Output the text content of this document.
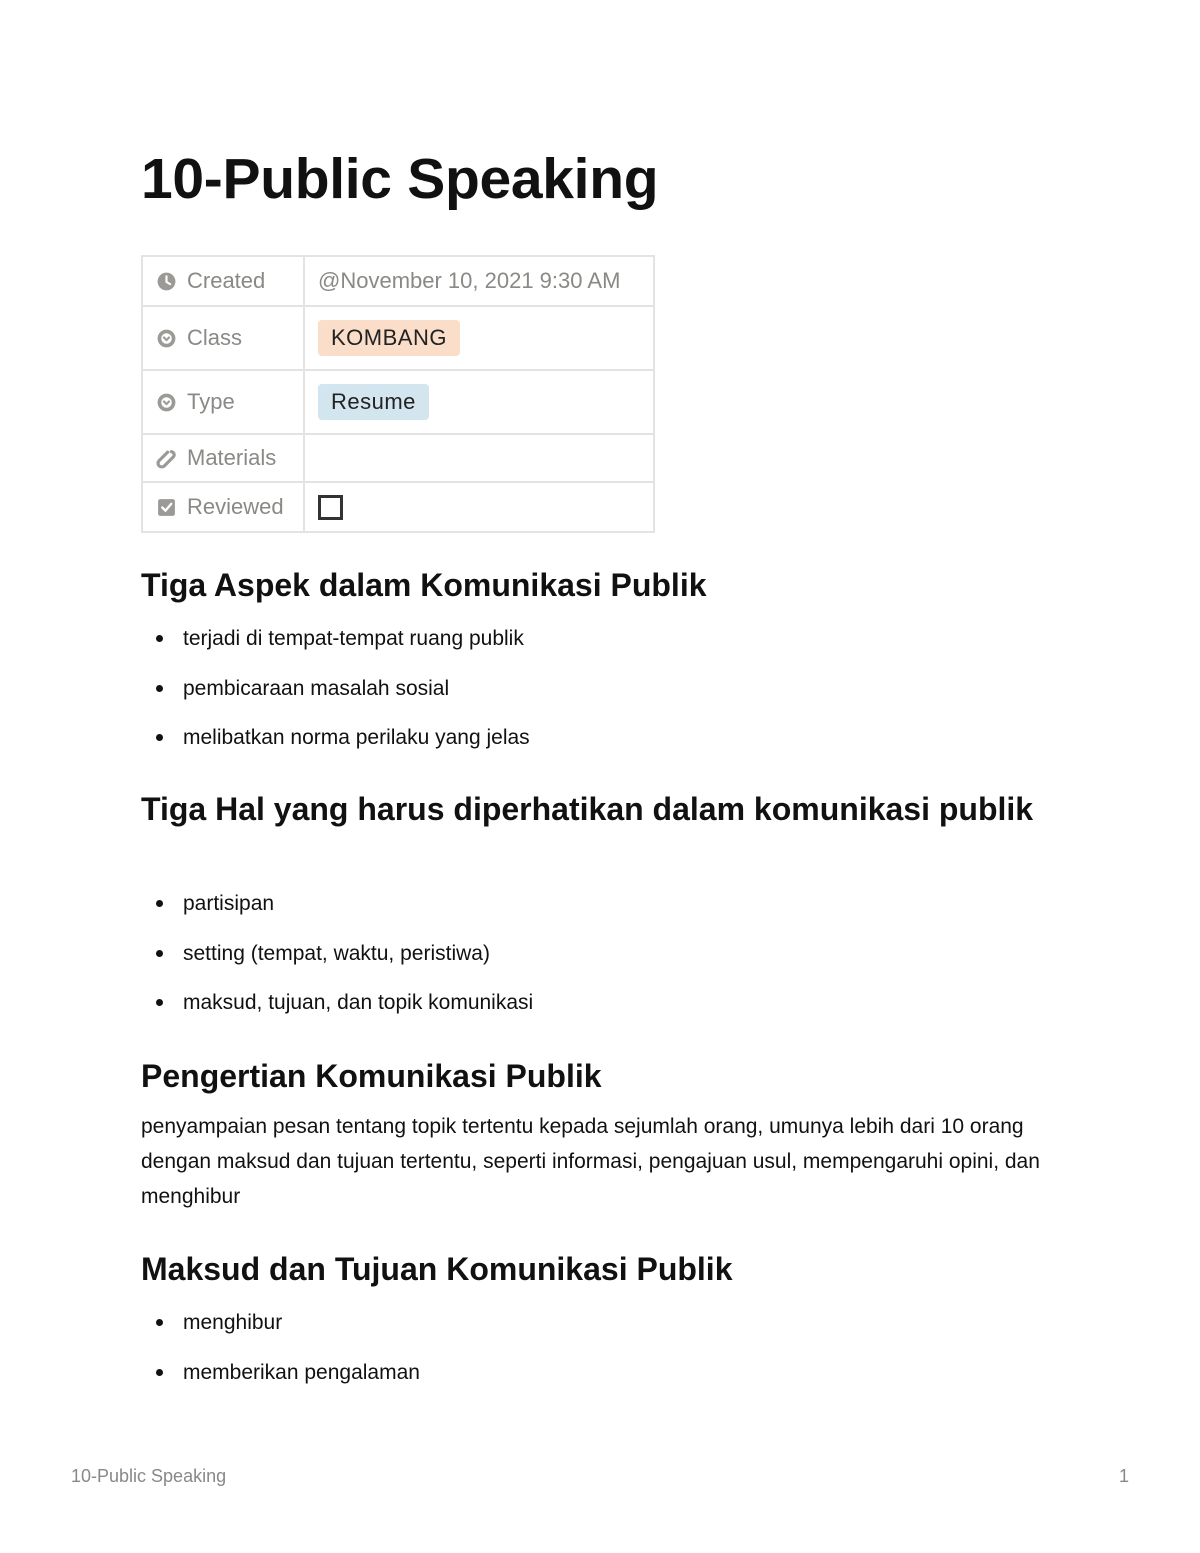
10-Public Speaking
Created	@November 10, 2021 9:30 AM

Class	KOMBANG

Type	Resume

Materials	

Reviewed	

Tiga Aspek dalam Komunikasi Publik
terjadi di tempat-tempat ruang publik
pembicaraan masalah sosial
melibatkan norma perilaku yang jelas
Tiga Hal yang harus diperhatikan dalam komunikasi publik
partisipan
setting (tempat, waktu, peristiwa)
maksud, tujuan, dan topik komunikasi
Pengertian Komunikasi Publik

penyampaian pesan tentang topik tertentu kepada sejumlah orang, umunya lebih dari 10 orang dengan maksud dan tujuan tertentu, seperti informasi, pengajuan usul, mempengaruhi opini, dan menghibur

Maksud dan Tujuan Komunikasi Publik
menghibur
memberikan pengalaman
10-Public Speaking	1
